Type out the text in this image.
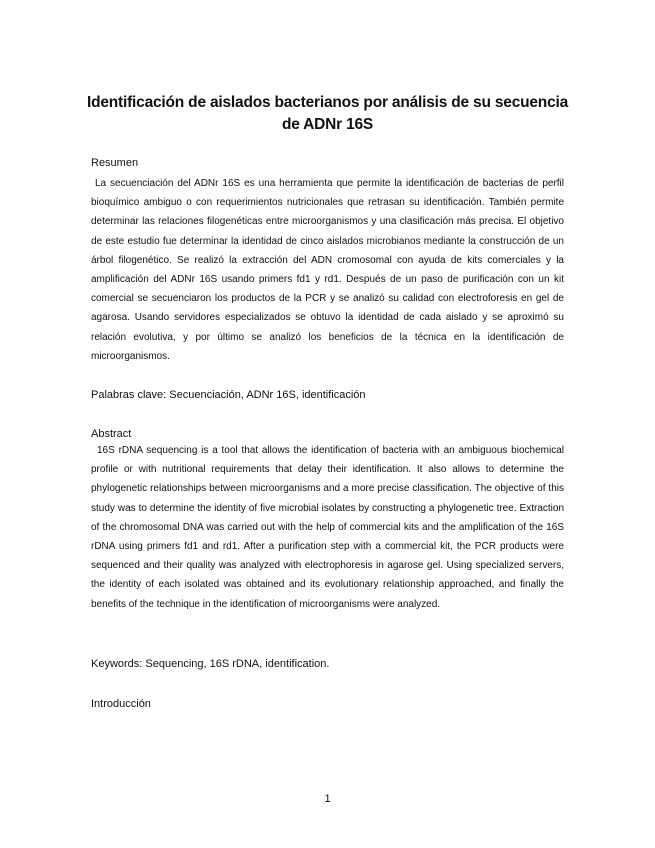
Identificación de aislados bacterianos por análisis de su secuencia de ADNr 16S
Resumen
La secuenciación del ADNr 16S es una herramienta que permite la identificación de bacterias de perfil bioquímico ambiguo o con requerimientos nutricionales que retrasan su identificación. También permite determinar las relaciones filogenéticas entre microorganismos y una clasificación más precisa. El objetivo de este estudio fue determinar la identidad de cinco aislados microbianos mediante la construcción de un árbol filogenético. Se realizó la extracción del ADN cromosomal con ayuda de kits comerciales y la amplificación del ADNr 16S usando primers fd1 y rd1. Después de un paso de purificación con un kit comercial se secuenciaron los productos de la PCR y se analizó su calidad con electroforesis en gel de agarosa. Usando servidores especializados se obtuvo la identidad de cada aislado y se aproximó su relación evolutiva, y por último se analizó los beneficios de la técnica en la identificación de microorganismos.
Palabras clave: Secuenciación, ADNr 16S, identificación
Abstract
16S rDNA sequencing is a tool that allows the identification of bacteria with an ambiguous biochemical profile or with nutritional requirements that delay their identification. It also allows to determine the phylogenetic relationships between microorganisms and a more precise classification. The objective of this study was to determine the identity of five microbial isolates by constructing a phylogenetic tree. Extraction of the chromosomal DNA was carried out with the help of commercial kits and the amplification of the 16S rDNA using primers fd1 and rd1. After a purification step with a commercial kit, the PCR products were sequenced and their quality was analyzed with electrophoresis in agarose gel. Using specialized servers, the identity of each isolated was obtained and its evolutionary relationship approached, and finally the benefits of the technique in the identification of microorganisms were analyzed.
Keywords: Sequencing, 16S rDNA, identification.
Introducción
1
